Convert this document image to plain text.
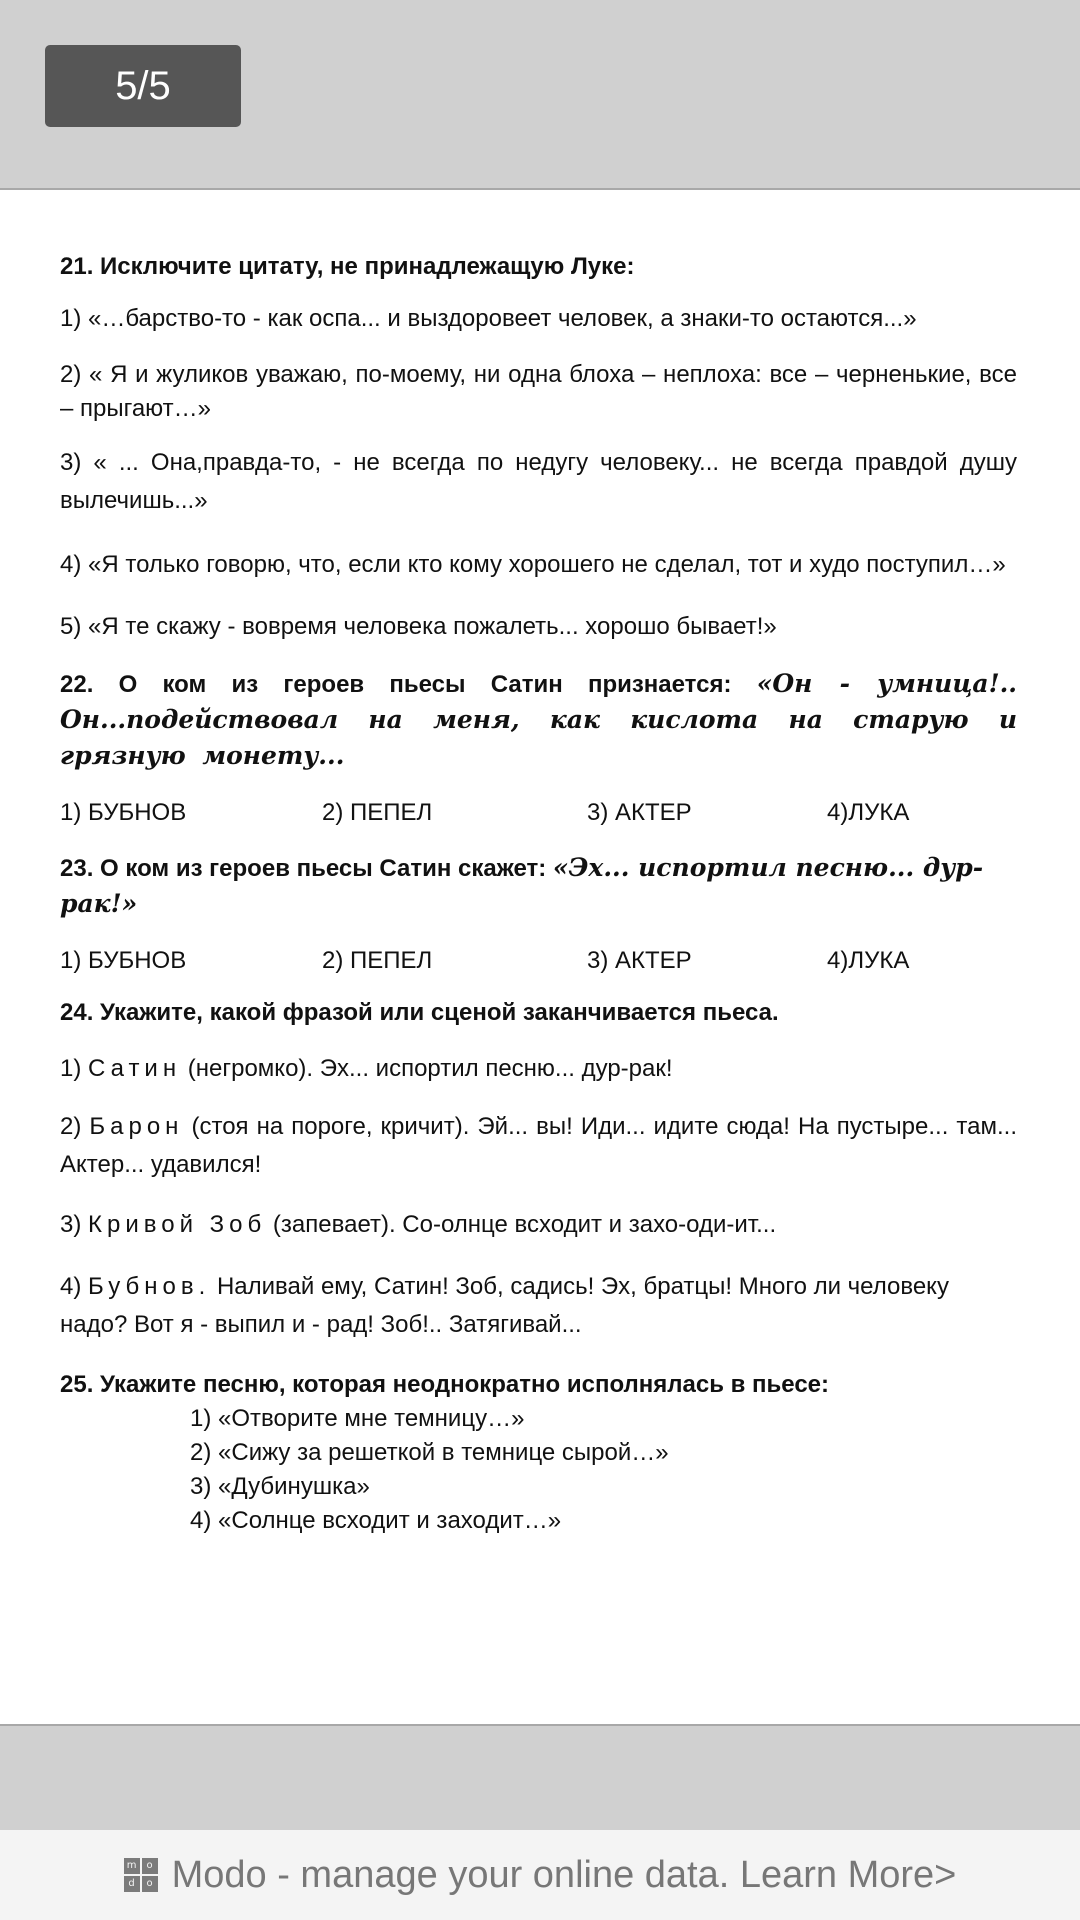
5/5

21. Исключите цитату, не принадлежащую Луке:

1) «…барство-то - как оспа... и выздоровеет человек, а знаки-то остаются...»

2) « Я и жуликов уважаю, по-моему, ни одна блоха – неплоха: все – черненькие, все – прыгают…»

3) « ... Она,правда-то, - не всегда по недугу человеку... не всегда правдой душу вылечишь...»

4) «Я только говорю, что, если кто кому хорошего не сделал, тот и худо поступил…»

5) «Я те скажу - вовремя человека пожалеть... хорошо бывает!»

22. О ком из героев пьесы Сатин признается: «Он - умница!.. Он...подействовал на меня, как кислота на старую и грязную монету...

1) БУБНОВ	2) ПЕПЕЛ	3) АКТЕР	4)ЛУКА

23. О ком из героев пьесы Сатин скажет: «Эх... испортил песню... дур-рак!»

1) БУБНОВ	2) ПЕПЕЛ	3) АКТЕР	4)ЛУКА

24. Укажите, какой фразой или сценой заканчивается пьеса.

1) Сатин (негромко). Эх... испортил песню... дур-рак!

2) Барон (стоя на пороге, кричит). Эй... вы! Иди... идите сюда! На пустыре... там... Актер... удавился!

3) Кривой Зоб (запевает). Со-олнце всходит и захо-оди-ит...

4) Бубнов. Наливай ему, Сатин! Зоб, садись! Эх, братцы! Много ли человеку надо? Вот я - выпил и - рад! Зоб!.. Затягивай...

25. Укажите песню, которая неоднократно исполнялась в пьесе:

1) «Отворите мне темницу…»

2) «Сижу за решеткой в темнице сырой…»

3) «Дубинушка»

4) «Солнце всходит и заходит…»

m	o
d	o Modo - manage your online data. Learn More>
